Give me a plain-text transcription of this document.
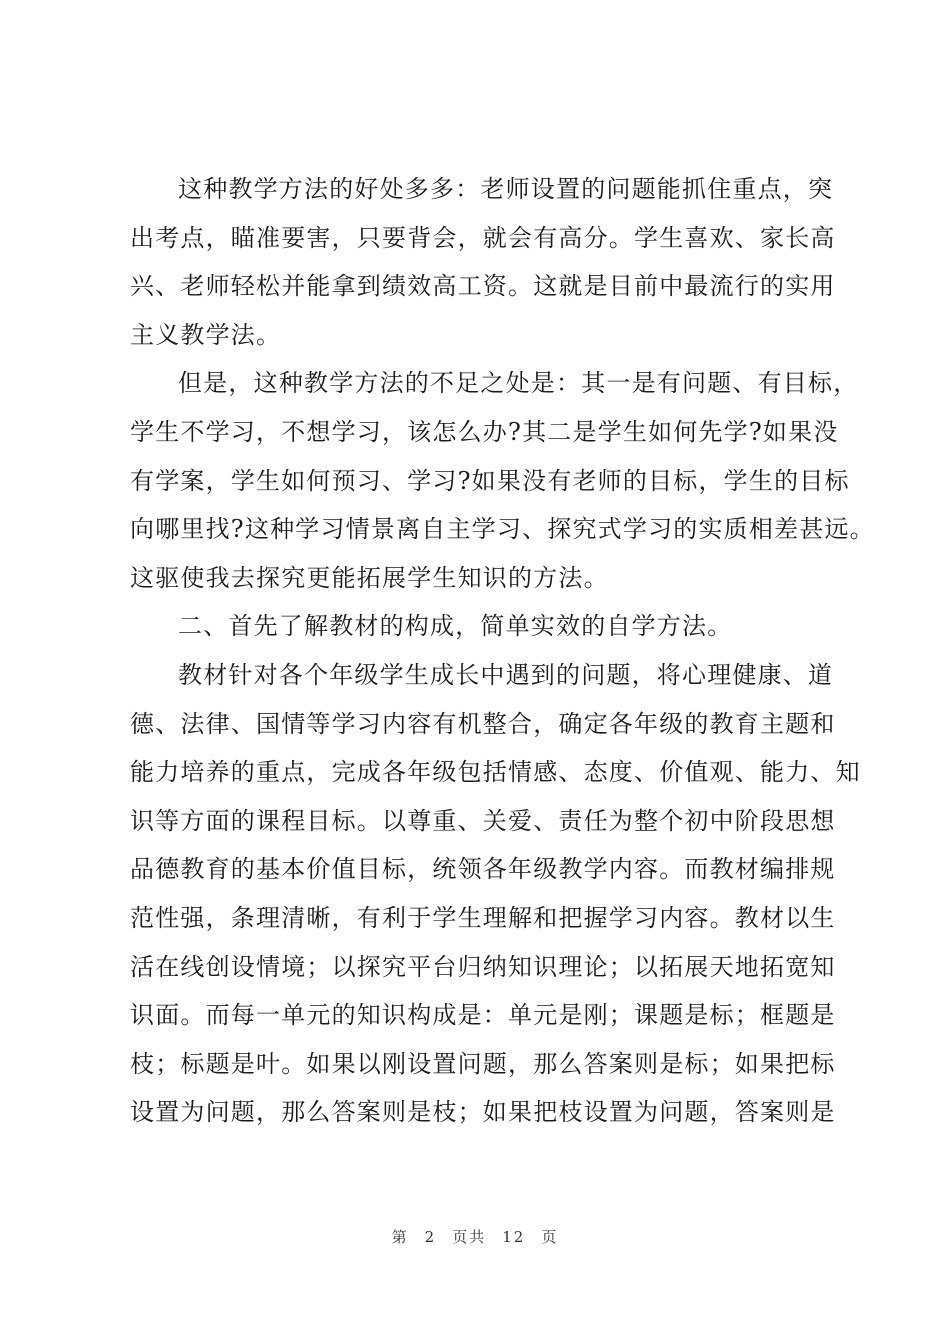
这种教学方法的好处多多：老师设置的问题能抓住重点，突
出考点，瞄准要害，只要背会，就会有高分。学生喜欢、家长高
兴、老师轻松并能拿到绩效高工资。这就是目前中最流行的实用
主义教学法。
但是，这种教学方法的不足之处是：其一是有问题、有目标，
学生不学习，不想学习，该怎么办?其二是学生如何先学?如果没
有学案，学生如何预习、学习?如果没有老师的目标，学生的目标
向哪里找?这种学习情景离自主学习、探究式学习的实质相差甚远。
这驱使我去探究更能拓展学生知识的方法。
二、首先了解教材的构成，简单实效的自学方法。
教材针对各个年级学生成长中遇到的问题，将心理健康、道
德、法律、国情等学习内容有机整合，确定各年级的教育主题和
能力培养的重点，完成各年级包括情感、态度、价值观、能力、知
识等方面的课程目标。以尊重、关爱、责任为整个初中阶段思想
品德教育的基本价值目标，统领各年级教学内容。而教材编排规
范性强，条理清晰，有利于学生理解和把握学习内容。教材以生
活在线创设情境；以探究平台归纳知识理论；以拓展天地拓宽知
识面。而每一单元的知识构成是：单元是刚；课题是标；框题是
枝；标题是叶。如果以刚设置问题，那么答案则是标；如果把标
设置为问题，那么答案则是枝；如果把枝设置为问题，答案则是
第 2 页共 12 页
